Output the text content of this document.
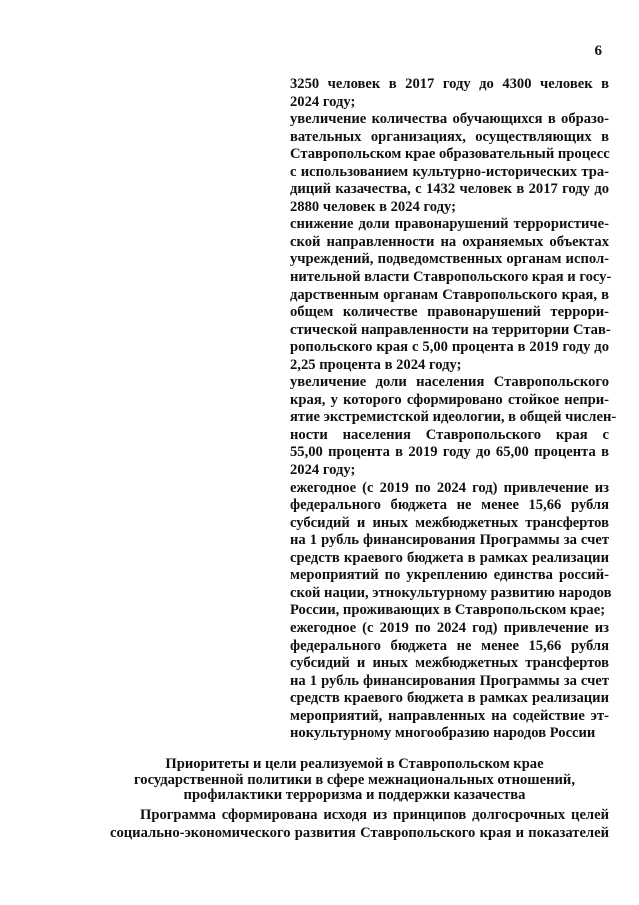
6
3250 человек в 2017 году до 4300 человек в
2024 году;
увеличение количества обучающихся в образо-
вательных организациях, осуществляющих в
Ставропольском крае образовательный процесс
с использованием культурно-исторических тра-
диций казачества, с 1432 человек в 2017 году до
2880 человек в 2024 году;
снижение доли правонарушений террористиче-
ской направленности на охраняемых объектах
учреждений, подведомственных органам испол-
нительной власти Ставропольского края и госу-
дарственным органам Ставропольского края, в
общем количестве правонарушений террори-
стической направленности на территории Став-
ропольского края с 5,00 процента в 2019 году до
2,25 процента в 2024 году;
увеличение доли населения Ставропольского
края, у которого сформировано стойкое непри-
ятие экстремистской идеологии, в общей числен-
ности населения Ставропольского края с
55,00 процента в 2019 году до 65,00 процента в
2024 году;
ежегодное (с 2019 по 2024 год) привлечение из
федерального бюджета не менее 15,66 рубля
субсидий и иных межбюджетных трансфертов
на 1 рубль финансирования Программы за счет
средств краевого бюджета в рамках реализации
мероприятий по укреплению единства россий-
ской нации, этнокультурному развитию народов
России, проживающих в Ставропольском крае;
ежегодное (с 2019 по 2024 год) привлечение из
федерального бюджета не менее 15,66 рубля
субсидий и иных межбюджетных трансфертов
на 1 рубль финансирования Программы за счет
средств краевого бюджета в рамках реализации
мероприятий, направленных на содействие эт-
нокультурному многообразию народов России
Приоритеты и цели реализуемой в Ставропольском крае
государственной политики в сфере межнациональных отношений,
профилактики терроризма и поддержки казачества
Программа сформирована исходя из принципов долгосрочных целей
социально-экономического развития Ставропольского края и показателей
